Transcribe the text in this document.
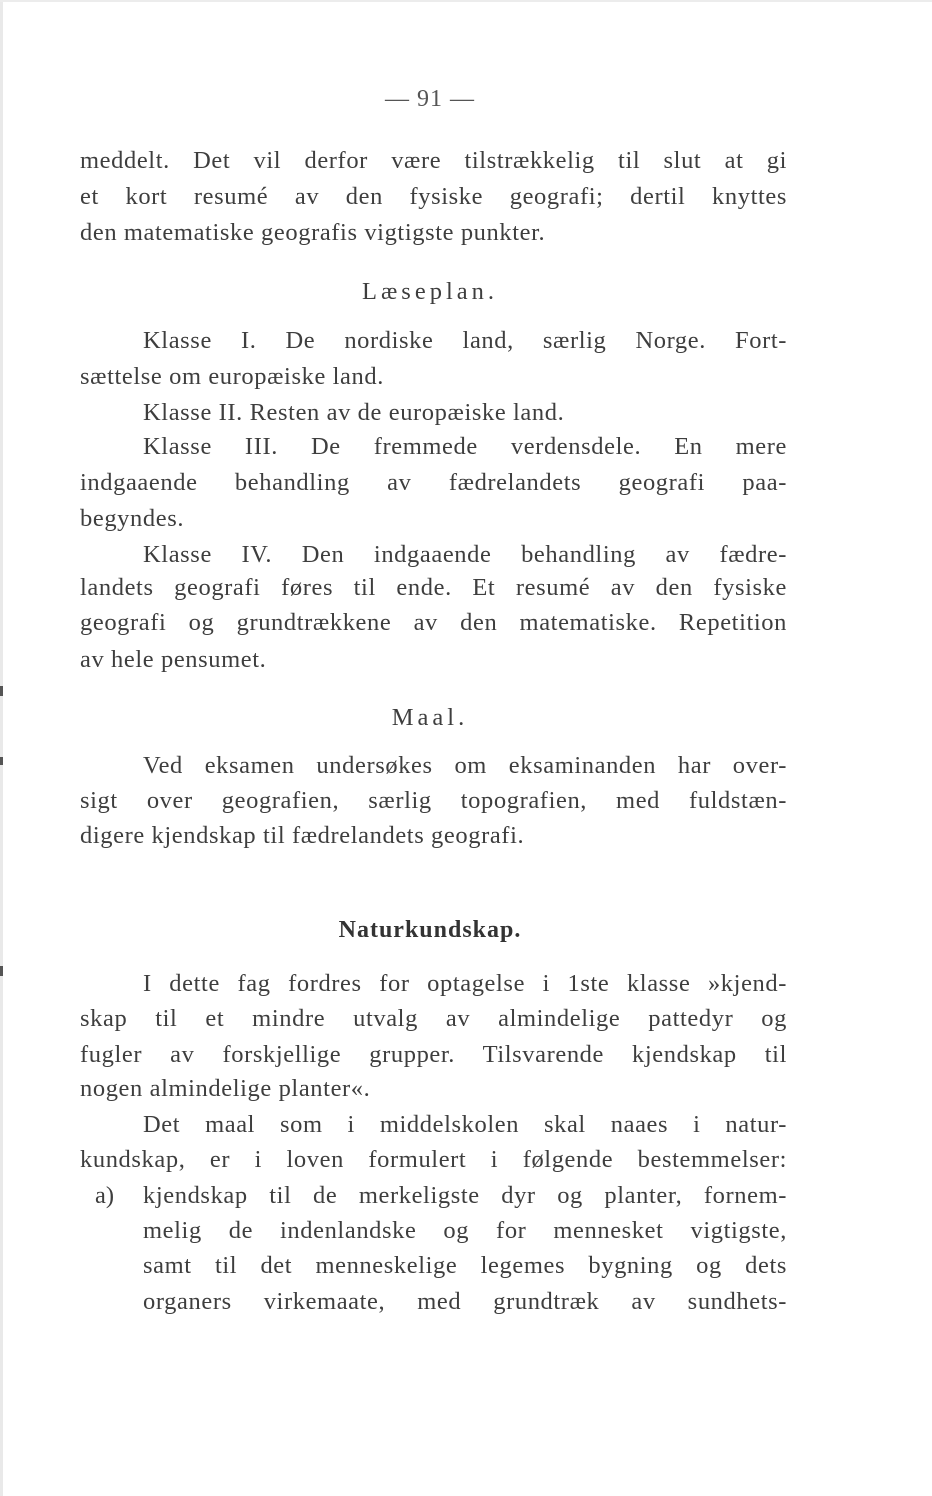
— 91 —
meddelt. Det vil derfor være tilstrækkelig til slut at gi
et kort resumé av den fysiske geografi; dertil knyttes
den matematiske geografis vigtigste punkter.
Læseplan.
Klasse I. De nordiske land, særlig Norge. Fort-
sættelse om europæiske land.
Klasse II. Resten av de europæiske land.
Klasse III. De fremmede verdensdele. En mere
indgaaende behandling av fædrelandets geografi paa-
begyndes.
Klasse IV. Den indgaaende behandling av fædre-
landets geografi føres til ende. Et resumé av den fysiske
geografi og grundtrækkene av den matematiske. Repetition
av hele pensumet.
Maal.
Ved eksamen undersøkes om eksaminanden har over-
sigt over geografien, særlig topografien, med fuldstæn-
digere kjendskap til fædrelandets geografi.
Naturkundskap.
I dette fag fordres for optagelse i 1ste klasse »kjend-
skap til et mindre utvalg av almindelige pattedyr og
fugler av forskjellige grupper. Tilsvarende kjendskap til
nogen almindelige planter«.
Det maal som i middelskolen skal naaes i natur-
kundskap, er i loven formulert i følgende bestemmelser:
a) kjendskap til de merkeligste dyr og planter, fornem-
melig de indenlandske og for mennesket vigtigste,
samt til det menneskelige legemes bygning og dets
organers virkemaate, med grundtræk av sundhets-
